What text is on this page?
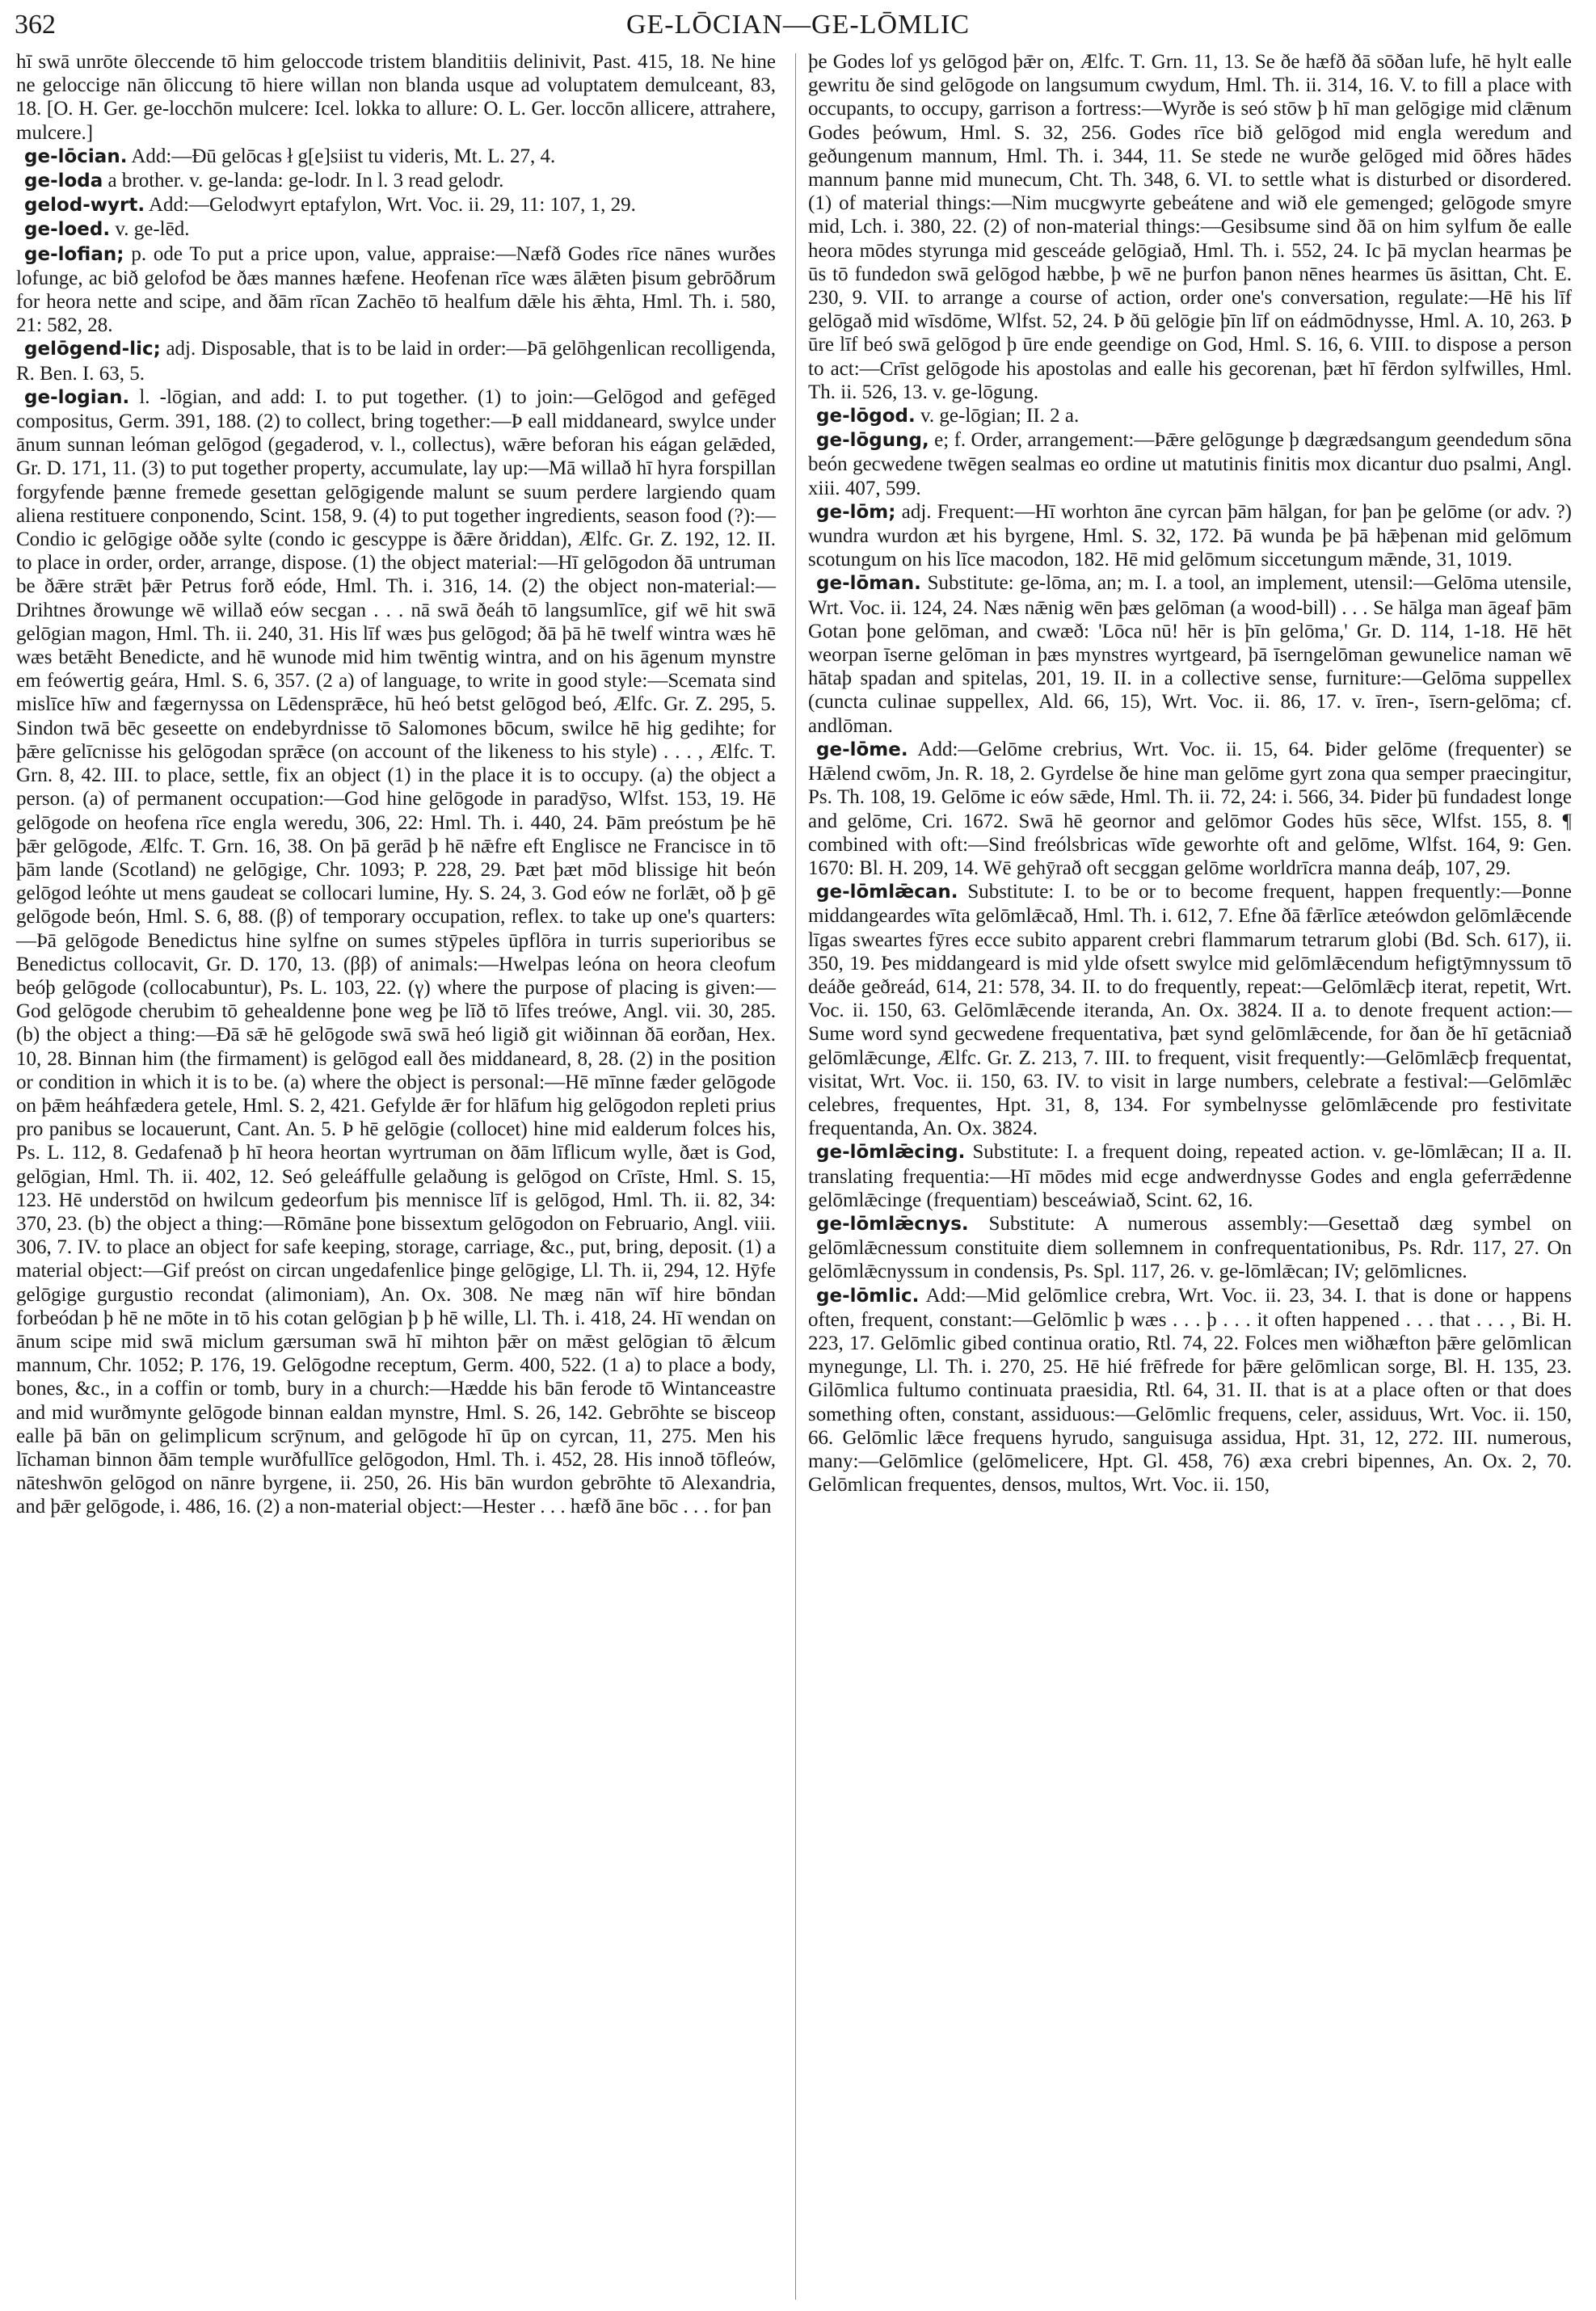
362	GE-LŌCIAN—GE-LŌMLIC

hī swā unrōte ōleccende tō him geloccode tristem blanditiis delinivit, Past. 415, 18. Ne hine ne geloccige nān ōliccung tō hiere willan non blanda usque ad voluptatem demulceant, 83, 18. [O. H. Ger. ge-locchōn mulcere: Icel. lokka to allure: O. L. Ger. loccōn allicere, attrahere, mulcere.]

ge-lōcian. Add:—Ðū gelōcas ł g[e]siist tu videris, Mt. L. 27, 4.

ge-loda a brother. v. ge-landa: ge-lodr. In l. 3 read gelodr.

gelod-wyrt. Add:—Gelodwyrt eptafylon, Wrt. Voc. ii. 29, 11: 107, 1, 29.

ge-loed. v. ge-lēd.

ge-lofian; p. ode To put a price upon, value, appraise:—Næfð Godes rīce nānes wurðes lofunge, ac bið gelofod be ðæs mannes hæfene. Heofenan rīce wæs ālǣten þisum gebrōðrum for heora nette and scipe, and ðām rīcan Zachēo tō healfum dǣle his ǣhta, Hml. Th. i. 580, 21: 582, 28.

gelōgend-lic; adj. Disposable, that is to be laid in order:—Þā gelōhgenlican recolligenda, R. Ben. I. 63, 5.

ge-logian. l. -lōgian, and add: I. to put together. (1) to join:—Gelōgod and gefēged compositus, Germ. 391, 188. (2) to collect, bring together:—Þ eall middaneard, swylce under ānum sunnan leóman gelōgod (gegaderod, v. l., collectus), wǣre beforan his eágan gelǣded, Gr. D. 171, 11. (3) to put together property, accumulate, lay up:—Mā willað hī hyra forspillan forgyfende þænne fremede gesettan gelōgigende malunt se suum perdere largiendo quam aliena restituere conponendo, Scint. 158, 9. (4) to put together ingredients, season food (?):—Condio ic gelōgige oððe sylte (condo ic gescyppe is ðǣre ðriddan), Ælfc. Gr. Z. 192, 12. II. to place in order, order, arrange, dispose. (1) the object material:—Hī gelōgodon ðā untruman be ðǣre strǣt þǣr Petrus forð eóde, Hml. Th. i. 316, 14. (2) the object non-material:—Drihtnes ðrowunge wē willað eów secgan . . . nā swā ðeáh tō langsumlīce, gif wē hit swā gelōgian magon, Hml. Th. ii. 240, 31. His līf wæs þus gelōgod; ðā þā hē twelf wintra wæs hē wæs betǣht Benedicte, and hē wunode mid him twēntig wintra, and on his āgenum mynstre em feówertig geára, Hml. S. 6, 357. (2 a) of language, to write in good style:—Scemata sind mislīce hīw and fægernyssa on Lēdensprǣce, hū heó betst gelōgod beó, Ælfc. Gr. Z. 295, 5. Sindon twā bēc geseette on endebyrdnisse tō Salomones bōcum, swilce hē hig gedihte; for þǣre gelīcnisse his gelōgodan sprǣce (on account of the likeness to his style) . . . , Ælfc. T. Grn. 8, 42. III. to place, settle, fix an object (1) in the place it is to occupy. (a) the object a person. (a) of permanent occupation:—God hine gelōgode in paradȳso, Wlfst. 153, 19. Hē gelōgode on heofena rīce engla weredu, 306, 22: Hml. Th. i. 440, 24. Þām preóstum þe hē þǣr gelōgode, Ælfc. T. Grn. 16, 38. On þā gerād þ hē nǣfre eft Englisce ne Francisce in tō þām lande (Scotland) ne gelōgige, Chr. 1093; P. 228, 29. Þæt þæt mōd blissige hit beón gelōgod leóhte ut mens gaudeat se collocari lumine, Hy. S. 24, 3. God eów ne forlǣt, oð þ gē gelōgode beón, Hml. S. 6, 88. (β) of temporary occupation, reflex. to take up one's quarters:—Þā gelōgode Benedictus hine sylfne on sumes stȳpeles ūpflōra in turris superioribus se Benedictus collocavit, Gr. D. 170, 13. (ββ) of animals:—Hwelpas leóna on heora cleofum beóþ gelōgode (collocabuntur), Ps. L. 103, 22. (γ) where the purpose of placing is given:—God gelōgode cherubim tō gehealdenne þone weg þe līð tō līfes treówe, Angl. vii. 30, 285. (b) the object a thing:—Ðā sǣ hē gelōgode swā swā heó ligið git wiðinnan ðā eorðan, Hex. 10, 28. Binnan him (the firmament) is gelōgod eall ðes middaneard, 8, 28. (2) in the position or condition in which it is to be. (a) where the object is personal:—Hē mīnne fæder gelōgode on þǣm heáhfædera getele, Hml. S. 2, 421. Gefylde ǣr for hlāfum hig gelōgodon repleti prius pro panibus se locauerunt, Cant. An. 5. Þ hē gelōgie (collocet) hine mid ealderum folces his, Ps. L. 112, 8. Gedafenað þ hī heora heortan wyrtruman on ðām līflicum wylle, ðæt is God, gelōgian, Hml. Th. ii. 402, 12. Seó geleáffulle gelaðung is gelōgod on Crīste, Hml. S. 15, 123. Hē understōd on hwilcum gedeorfum þis mennisce līf is gelōgod, Hml. Th. ii. 82, 34: 370, 23. (b) the object a thing:—Rōmāne þone bissextum gelōgodon on Februario, Angl. viii. 306, 7. IV. to place an object for safe keeping, storage, carriage, &c., put, bring, deposit. (1) a material object:—Gif preóst on circan ungedafenlice þinge gelōgige, Ll. Th. ii, 294, 12. Hȳfe gelōgige gurgustio recondat (alimoniam), An. Ox. 308. Ne mæg nān wīf hire bōndan forbeódan þ hē ne mōte in tō his cotan gelōgian þ þ hē wille, Ll. Th. i. 418, 24. Hī wendan on ānum scipe mid swā miclum gærsuman swā hī mihton þǣr on mǣst gelōgian tō ǣlcum mannum, Chr. 1052; P. 176, 19. Gelōgodne receptum, Germ. 400, 522. (1 a) to place a body, bones, &c., in a coffin or tomb, bury in a church:—Hædde his bān ferode tō Wintanceastre and mid wurðmynte gelōgode binnan ealdan mynstre, Hml. S. 26, 142. Gebrōhte se bisceop ealle þā bān on gelimplicum scrȳnum, and gelōgode hī ūp on cyrcan, 11, 275. Men his līchaman binnon ðām temple wurðfullīce gelōgodon, Hml. Th. i. 452, 28. His innoð tōfleów, nāteshwōn gelōgod on nānre byrgene, ii. 250, 26. His bān wurdon gebrōhte tō Alexandria, and þǣr gelōgode, i. 486, 16. (2) a non-material object:—Hester . . . hæfð āne bōc . . . for þan

þe Godes lof ys gelōgod þǣr on, Ælfc. T. Grn. 11, 13. Se ðe hæfð ðā sōðan lufe, hē hylt ealle gewritu ðe sind gelōgode on langsumum cwydum, Hml. Th. ii. 314, 16. V. to fill a place with occupants, to occupy, garrison a fortress:—Wyrðe is seó stōw þ hī man gelōgige mid clǣnum Godes þeówum, Hml. S. 32, 256. Godes rīce bið gelōgod mid engla weredum and geðungenum mannum, Hml. Th. i. 344, 11. Se stede ne wurðe gelōged mid ōðres hādes mannum þanne mid munecum, Cht. Th. 348, 6. VI. to settle what is disturbed or disordered. (1) of material things:—Nim mucgwyrte gebeátene and wið ele gemenged; gelōgode smyre mid, Lch. i. 380, 22. (2) of non-material things:—Gesibsume sind ðā on him sylfum ðe ealle heora mōdes styrunga mid gesceáde gelōgiað, Hml. Th. i. 552, 24. Ic þā myclan hearmas þe ūs tō fundedon swā gelōgod hæbbe, þ wē ne þurfon þanon nēnes hearmes ūs āsittan, Cht. E. 230, 9. VII. to arrange a course of action, order one's conversation, regulate:—Hē his līf gelōgað mid wīsdōme, Wlfst. 52, 24. Þ ðū gelōgie þīn līf on eádmōdnysse, Hml. A. 10, 263. Þ ūre līf beó swā gelōgod þ ūre ende geendige on God, Hml. S. 16, 6. VIII. to dispose a person to act:—Crīst gelōgode his apostolas and ealle his gecorenan, þæt hī fērdon sylfwilles, Hml. Th. ii. 526, 13. v. ge-lōgung.

ge-lōgod. v. ge-lōgian; II. 2 a.

ge-lōgung, e; f. Order, arrangement:—Þǣre gelōgunge þ dægrædsangum geendedum sōna beón gecwedene twēgen sealmas eo ordine ut matutinis finitis mox dicantur duo psalmi, Angl. xiii. 407, 599.

ge-lōm; adj. Frequent:—Hī worhton āne cyrcan þām hālgan, for þan þe gelōme (or adv. ?) wundra wurdon æt his byrgene, Hml. S. 32, 172. Þā wunda þe þā hǣþenan mid gelōmum scotungum on his līce macodon, 182. Hē mid gelōmum siccetungum mǣnde, 31, 1019.

ge-lōman. Substitute: ge-lōma, an; m. I. a tool, an implement, utensil:—Gelōma utensile, Wrt. Voc. ii. 124, 24. Næs nǣnig wēn þæs gelōman (a wood-bill) . . . Se hālga man āgeaf þām Gotan þone gelōman, and cwæð: 'Lōca nū! hēr is þīn gelōma,' Gr. D. 114, 1-18. Hē hēt weorpan īserne gelōman in þæs mynstres wyrtgeard, þā īserngelōman gewunelice naman wē hātaþ spadan and spitelas, 201, 19. II. in a collective sense, furniture:—Gelōma suppellex (cuncta culinae suppellex, Ald. 66, 15), Wrt. Voc. ii. 86, 17. v. īren-, īsern-gelōma; cf. andlōman.

ge-lōme. Add:—Gelōme crebrius, Wrt. Voc. ii. 15, 64. Þider gelōme (frequenter) se Hǣlend cwōm, Jn. R. 18, 2. Gyrdelse ðe hine man gelōme gyrt zona qua semper praecingitur, Ps. Th. 108, 19. Gelōme ic eów sǣde, Hml. Th. ii. 72, 24: i. 566, 34. Þider þū fundadest longe and gelōme, Cri. 1672. Swā hē geornor and gelōmor Godes hūs sēce, Wlfst. 155, 8. ¶ combined with oft:—Sind freólsbricas wīde geworhte oft and gelōme, Wlfst. 164, 9: Gen. 1670: Bl. H. 209, 14. Wē gehȳrað oft secggan gelōme worldrīcra manna deáþ, 107, 29.

ge-lōmlǣcan. Substitute: I. to be or to become frequent, happen frequently:—Þonne middangeardes wīta gelōmlǣcað, Hml. Th. i. 612, 7. Efne ðā fǣrlīce æteówdon gelōmlǣcende līgas sweartes fȳres ecce subito apparent crebri flammarum tetrarum globi (Bd. Sch. 617), ii. 350, 19. Þes middangeard is mid ylde ofsett swylce mid gelōmlǣcendum hefigtȳmnyssum tō deáðe geðreád, 614, 21: 578, 34. II. to do frequently, repeat:—Gelōmlǣcþ iterat, repetit, Wrt. Voc. ii. 150, 63. Gelōmlǣcende iteranda, An. Ox. 3824. II a. to denote frequent action:—Sume word synd gecwedene frequentativa, þæt synd gelōmlǣcende, for ðan ðe hī getācniað gelōmlǣcunge, Ælfc. Gr. Z. 213, 7. III. to frequent, visit frequently:—Gelōmlǣcþ frequentat, visitat, Wrt. Voc. ii. 150, 63. IV. to visit in large numbers, celebrate a festival:—Gelōmlǣc celebres, frequentes, Hpt. 31, 8, 134. For symbelnysse gelōmlǣcende pro festivitate frequentanda, An. Ox. 3824.

ge-lōmlǣcing. Substitute: I. a frequent doing, repeated action. v. ge-lōmlǣcan; II a. II. translating frequentia:—Hī mōdes mid ecge andwerdnysse Godes and engla geferrǣdenne gelōmlǣcinge (frequentiam) besceáwiað, Scint. 62, 16.

ge-lōmlǣcnys. Substitute: A numerous assembly:—Gesettað dæg symbel on gelōmlǣcnessum constituite diem sollemnem in confrequentationibus, Ps. Rdr. 117, 27. On gelōmlǣcnyssum in condensis, Ps. Spl. 117, 26. v. ge-lōmlǣcan; IV; gelōmlicnes.

ge-lōmlic. Add:—Mid gelōmlice crebra, Wrt. Voc. ii. 23, 34. I. that is done or happens often, frequent, constant:—Gelōmlic þ wæs . . . þ . . . it often happened . . . that . . . , Bi. H. 223, 17. Gelōmlic gibed continua oratio, Rtl. 74, 22. Folces men wiðhæfton þǣre gelōmlican mynegunge, Ll. Th. i. 270, 25. Hē hié frēfrede for þǣre gelōmlican sorge, Bl. H. 135, 23. Gilōmlica fultumo continuata praesidia, Rtl. 64, 31. II. that is at a place often or that does something often, constant, assiduous:—Gelōmlic frequens, celer, assiduus, Wrt. Voc. ii. 150, 66. Gelōmlic lǣce frequens hyrudo, sanguisuga assidua, Hpt. 31, 12, 272. III. numerous, many:—Gelōmlice (gelōmelicere, Hpt. Gl. 458, 76) æxa crebri bipennes, An. Ox. 2, 70. Gelōmlican frequentes, densos, multos, Wrt. Voc. ii. 150,
